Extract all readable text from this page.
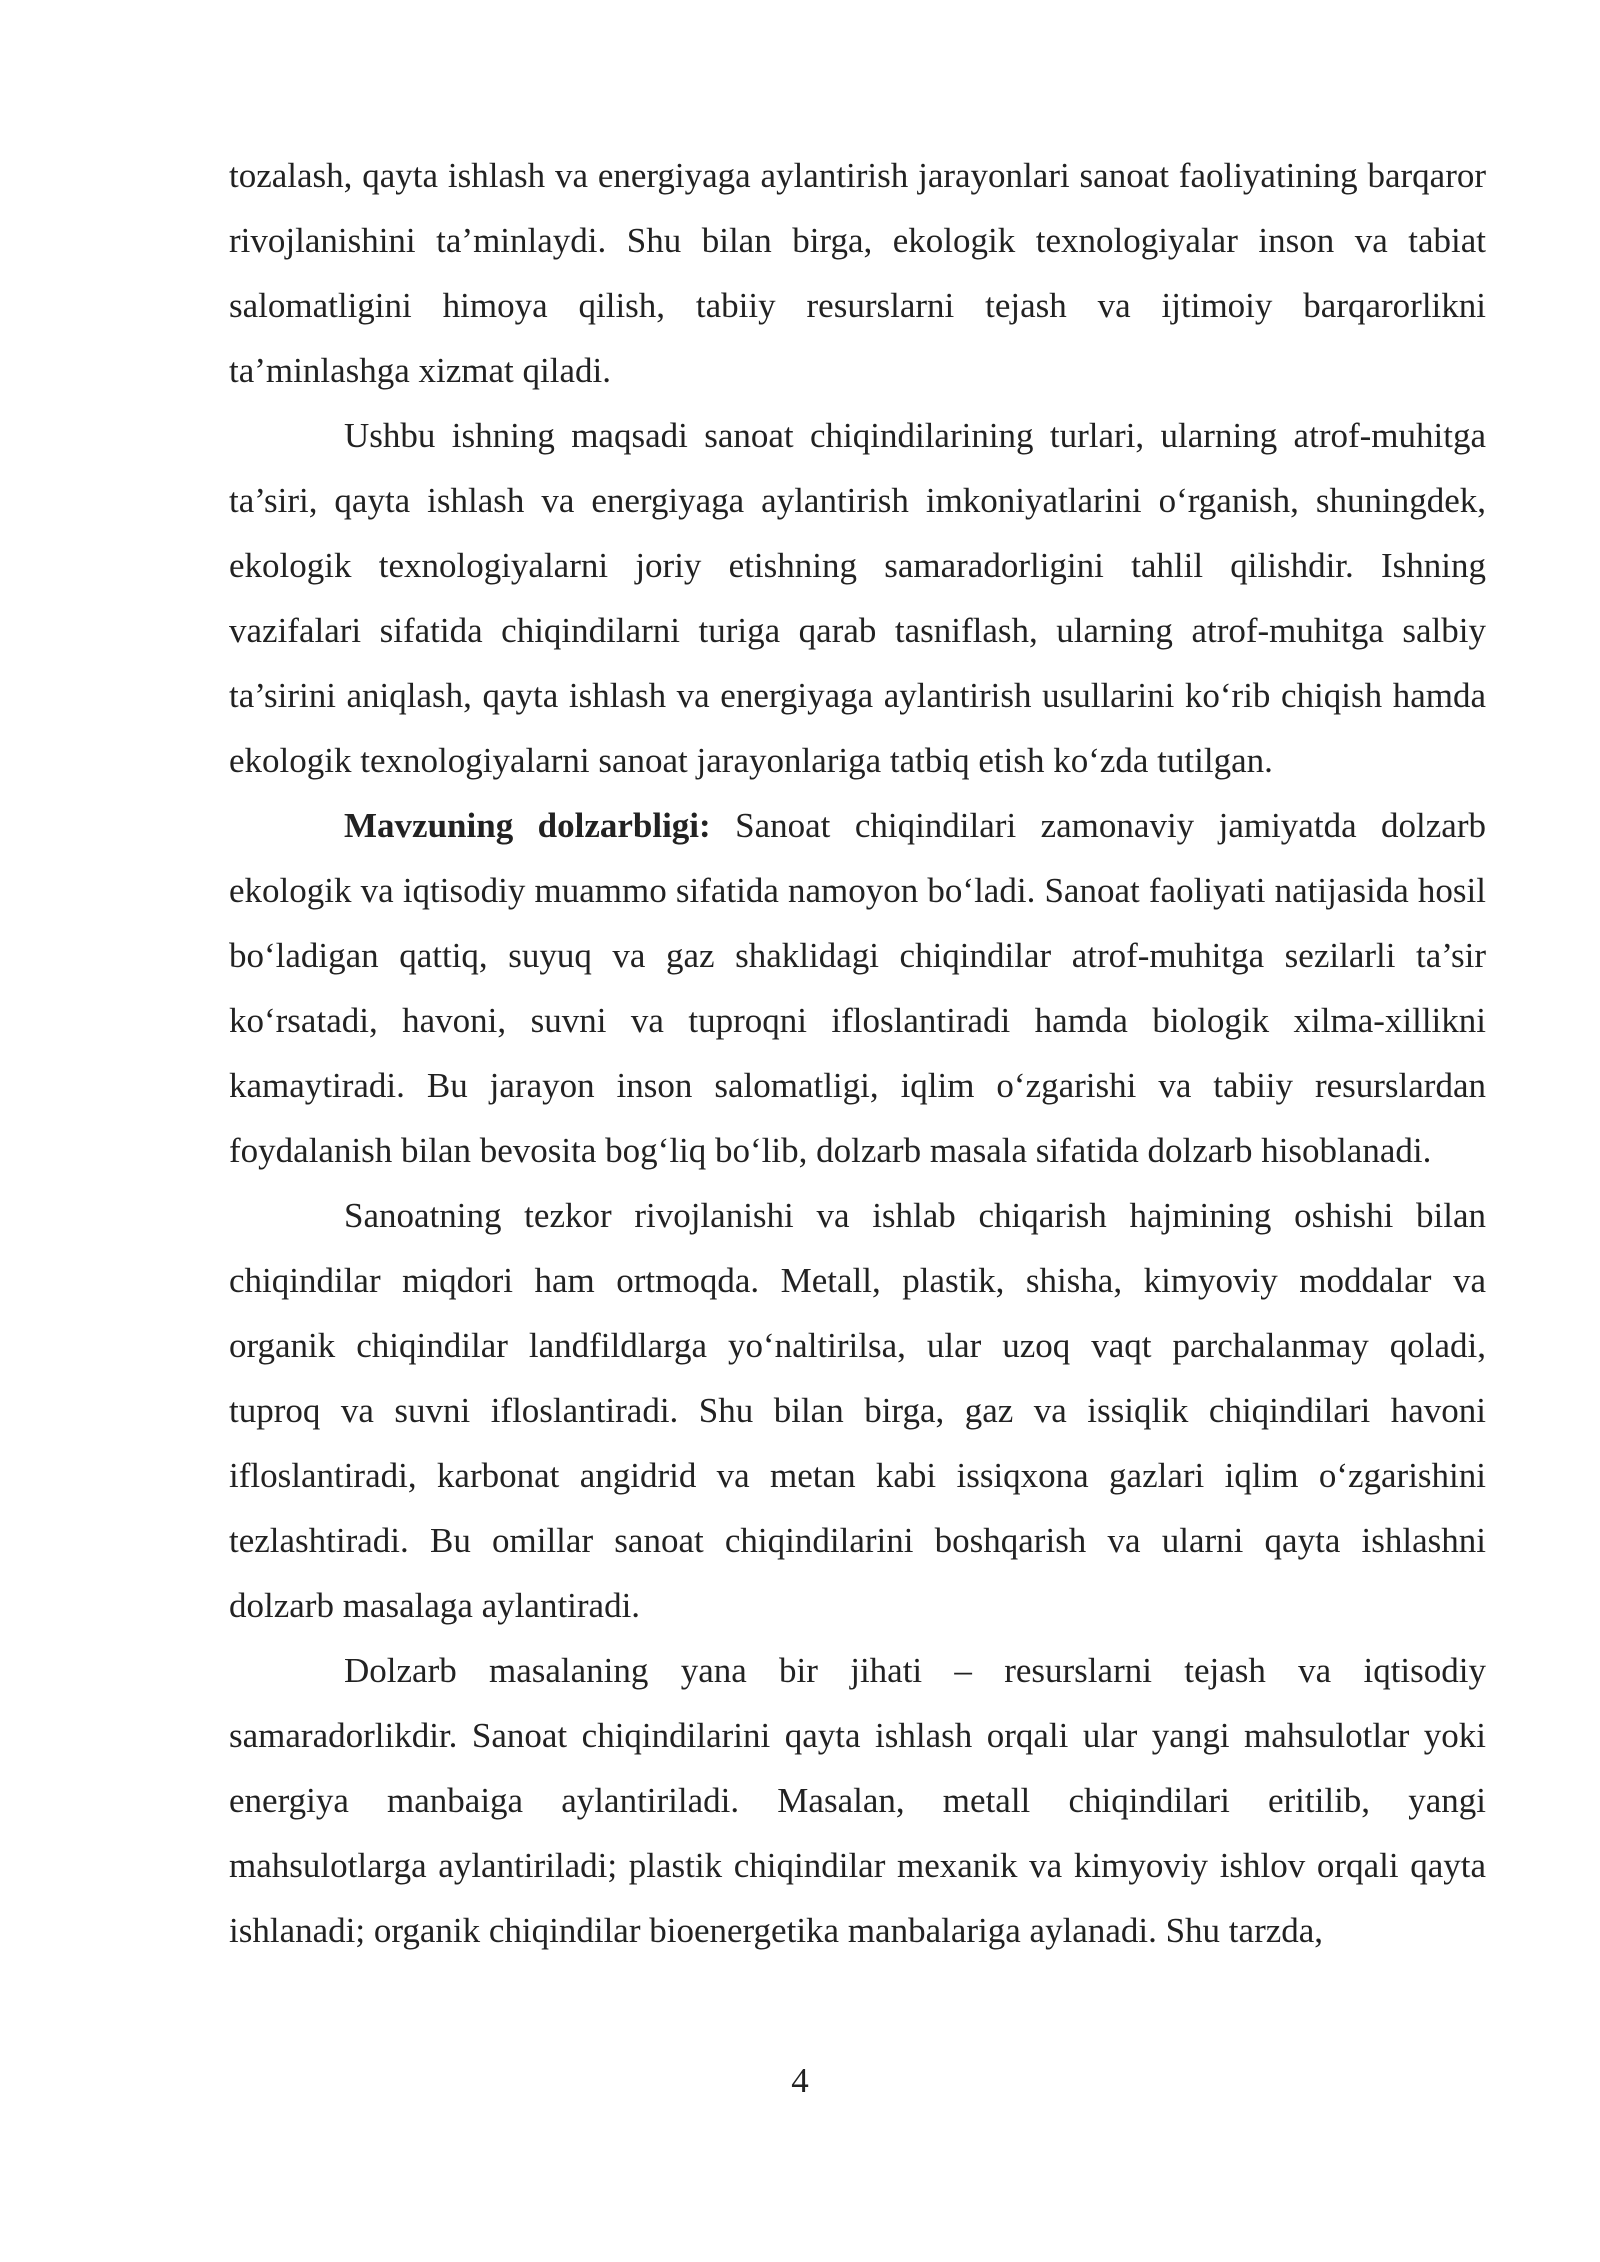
tozalash, qayta ishlash va energiyaga aylantirish jarayonlari sanoat faoliyatining barqaror rivojlanishini ta’minlaydi. Shu bilan birga, ekologik texnologiyalar inson va tabiat salomatligini himoya qilish, tabiiy resurslarni tejash va ijtimoiy barqarorlikni ta’minlashga xizmat qiladi.

Ushbu ishning maqsadi sanoat chiqindilarining turlari, ularning atrof-muhitga ta’siri, qayta ishlash va energiyaga aylantirish imkoniyatlarini o‘rganish, shuningdek, ekologik texnologiyalarni joriy etishning samaradorligini tahlil qilishdir. Ishning vazifalari sifatida chiqindilarni turiga qarab tasniflash, ularning atrof-muhitga salbiy ta’sirini aniqlash, qayta ishlash va energiyaga aylantirish usullarini ko‘rib chiqish hamda ekologik texnologiyalarni sanoat jarayonlariga tatbiq etish ko‘zda tutilgan.

Mavzuning dolzarbligi: Sanoat chiqindilari zamonaviy jamiyatda dolzarb ekologik va iqtisodiy muammo sifatida namoyon bo‘ladi. Sanoat faoliyati natijasida hosil bo‘ladigan qattiq, suyuq va gaz shaklidagi chiqindilar atrof-muhitga sezilarli ta’sir ko‘rsatadi, havoni, suvni va tuproqni ifloslantiradi hamda biologik xilma-xillikni kamaytiradi. Bu jarayon inson salomatligi, iqlim o‘zgarishi va tabiiy resurslardan foydalanish bilan bevosita bog‘liq bo‘lib, dolzarb masala sifatida dolzarb hisoblanadi.

Sanoatning tezkor rivojlanishi va ishlab chiqarish hajmining oshishi bilan chiqindilar miqdori ham ortmoqda. Metall, plastik, shisha, kimyoviy moddalar va organik chiqindilar landfildlarga yo‘naltirilsa, ular uzoq vaqt parchalanmay qoladi, tuproq va suvni ifloslantiradi. Shu bilan birga, gaz va issiqlik chiqindilari havoni ifloslantiradi, karbonat angidrid va metan kabi issiqxona gazlari iqlim o‘zgarishini tezlashtiradi. Bu omillar sanoat chiqindilarini boshqarish va ularni qayta ishlashni dolzarb masalaga aylantiradi.

Dolzarb masalaning yana bir jihati – resurslarni tejash va iqtisodiy samaradorlikdir. Sanoat chiqindilarini qayta ishlash orqali ular yangi mahsulotlar yoki energiya manbaiga aylantiriladi. Masalan, metall chiqindilari eritilib, yangi mahsulotlarga aylantiriladi; plastik chiqindilar mexanik va kimyoviy ishlov orqali qayta ishlanadi; organik chiqindilar bioenergetika manbalariga aylanadi. Shu tarzda,

4
